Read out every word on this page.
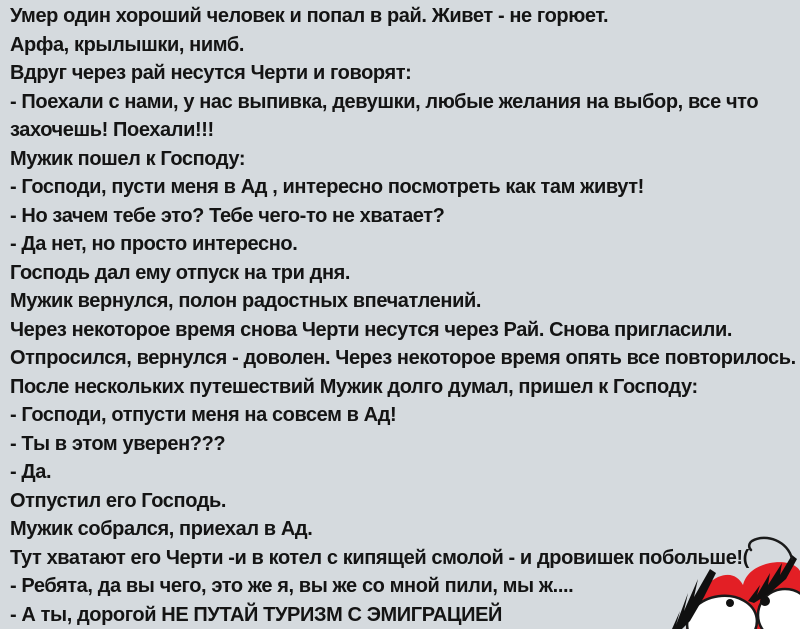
Умер один хороший человек и попал в рай. Живет - не горюет.
Арфа, крылышки, нимб.
Вдруг через рай несутся Черти и говорят:
- Поехали с нами, у нас выпивка, девушки, любые желания на выбор, все что
захочешь! Поехали!!!
Мужик пошел к Господу:
- Господи, пусти меня в Ад , интересно посмотреть как там живут!
- Но зачем тебе это? Тебе чего-то не хватает?
- Да нет, но просто интересно.
Господь дал ему отпуск на три дня.
Мужик вернулся, полон радостных впечатлений.
Через некоторое время снова Черти несутся через Рай. Снова пригласили.
Отпросился, вернулся - доволен. Через некоторое время опять все повторилось.
После нескольких путешествий Мужик долго думал, пришел к Господу:
- Господи, отпусти меня на совсем в Ад!
- Ты в этом уверен???
- Да.
Отпустил его Господь.
Мужик собрался, приехал в Ад.
Тут хватают его Черти -и в котел с кипящей смолой - и дровишек побольше!(
- Ребята, да вы чего, это же я, вы же со мной пили, мы ж....
- А ты, дорогой НЕ ПУТАЙ ТУРИЗМ С ЭМИГРАЦИЕЙ
